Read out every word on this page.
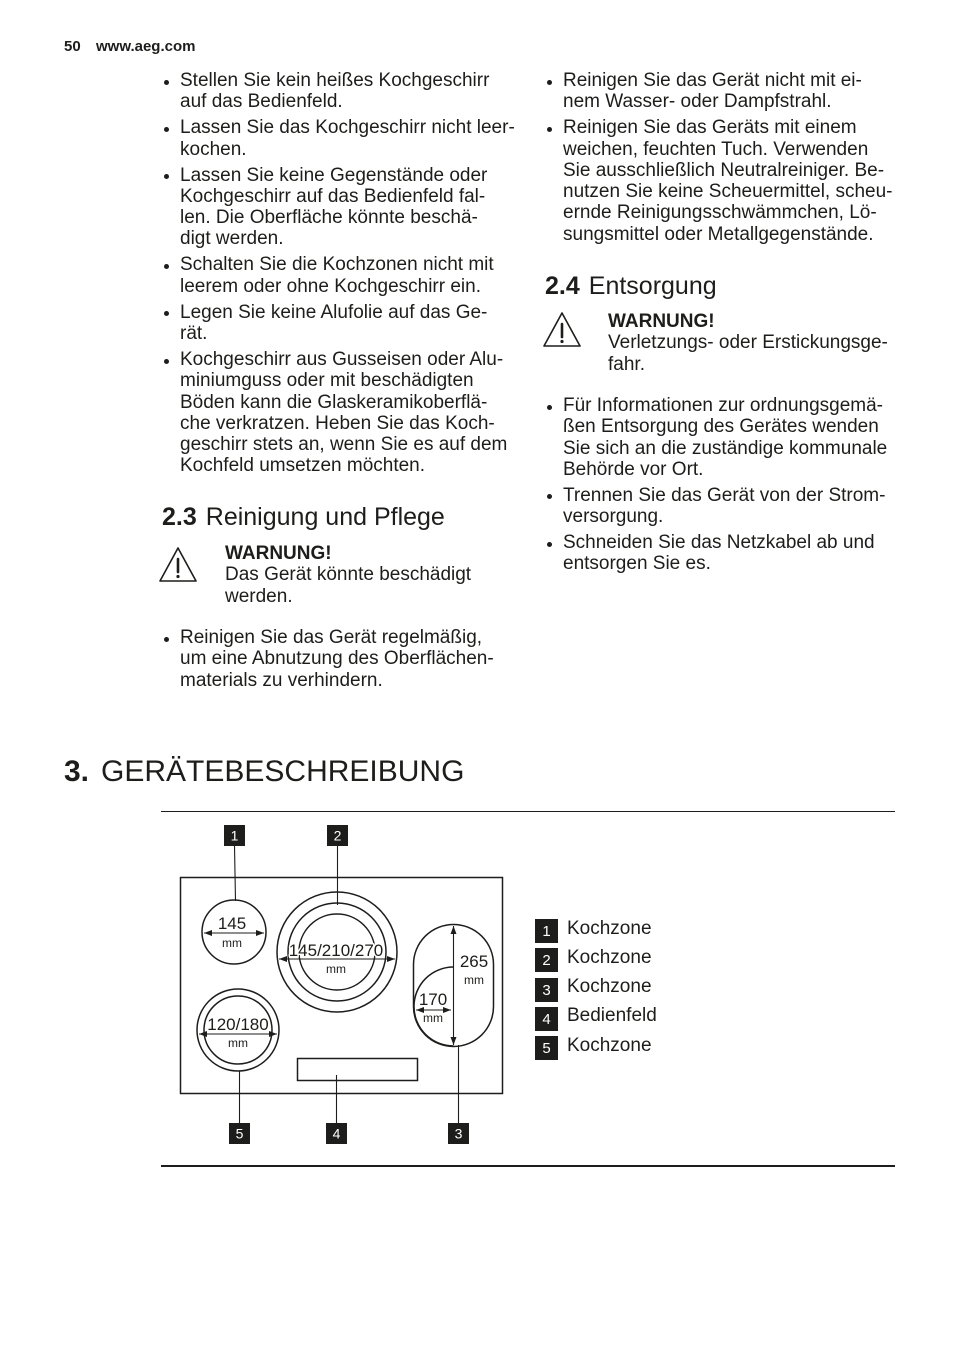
50 www.aeg.com
Stellen Sie kein heißes Kochgeschirr
auf das Bedienfeld.
Lassen Sie das Kochgeschirr nicht leer-
kochen.
Lassen Sie keine Gegenstände oder
Kochgeschirr auf das Bedienfeld fal-
len. Die Oberfläche könnte beschä-
digt werden.
Schalten Sie die Kochzonen nicht mit
leerem oder ohne Kochgeschirr ein.
Legen Sie keine Alufolie auf das Ge-
rät.
Kochgeschirr aus Gusseisen oder Alu-
miniumguss oder mit beschädigten
Böden kann die Glaskeramikoberflä-
che verkratzen. Heben Sie das Koch-
geschirr stets an, wenn Sie es auf dem
Kochfeld umsetzen möchten.
2.3 Reinigung und Pflege
WARNUNG!
Das Gerät könnte beschädigt
werden.
Reinigen Sie das Gerät regelmäßig,
um eine Abnutzung des Oberflächen-
materials zu verhindern.
Reinigen Sie das Gerät nicht mit ei-
nem Wasser- oder Dampfstrahl.
Reinigen Sie das Geräts mit einem
weichen, feuchten Tuch. Verwenden
Sie ausschließlich Neutralreiniger. Be-
nutzen Sie keine Scheuermittel, scheu-
ernde Reinigungsschwämmchen, Lö-
sungsmittel oder Metallgegenstände.
2.4 Entsorgung
WARNUNG!
Verletzungs- oder Erstickungsge-
fahr.
Für Informationen zur ordnungsgemä-
ßen Entsorgung des Gerätes wenden
Sie sich an die zuständige kommunale
Behörde vor Ort.
Trennen Sie das Gerät von der Strom-
versorgung.
Schneiden Sie das Netzkabel ab und
entsorgen Sie es.
3. GERÄTEBESCHREIBUNG
145
mm	145/210/270
mm	265
mm
170
mm
120/180
mm
1	2
5	4	3
1 Kochzone
2 Kochzone
3 Kochzone
4 Bedienfeld
5 Kochzone
